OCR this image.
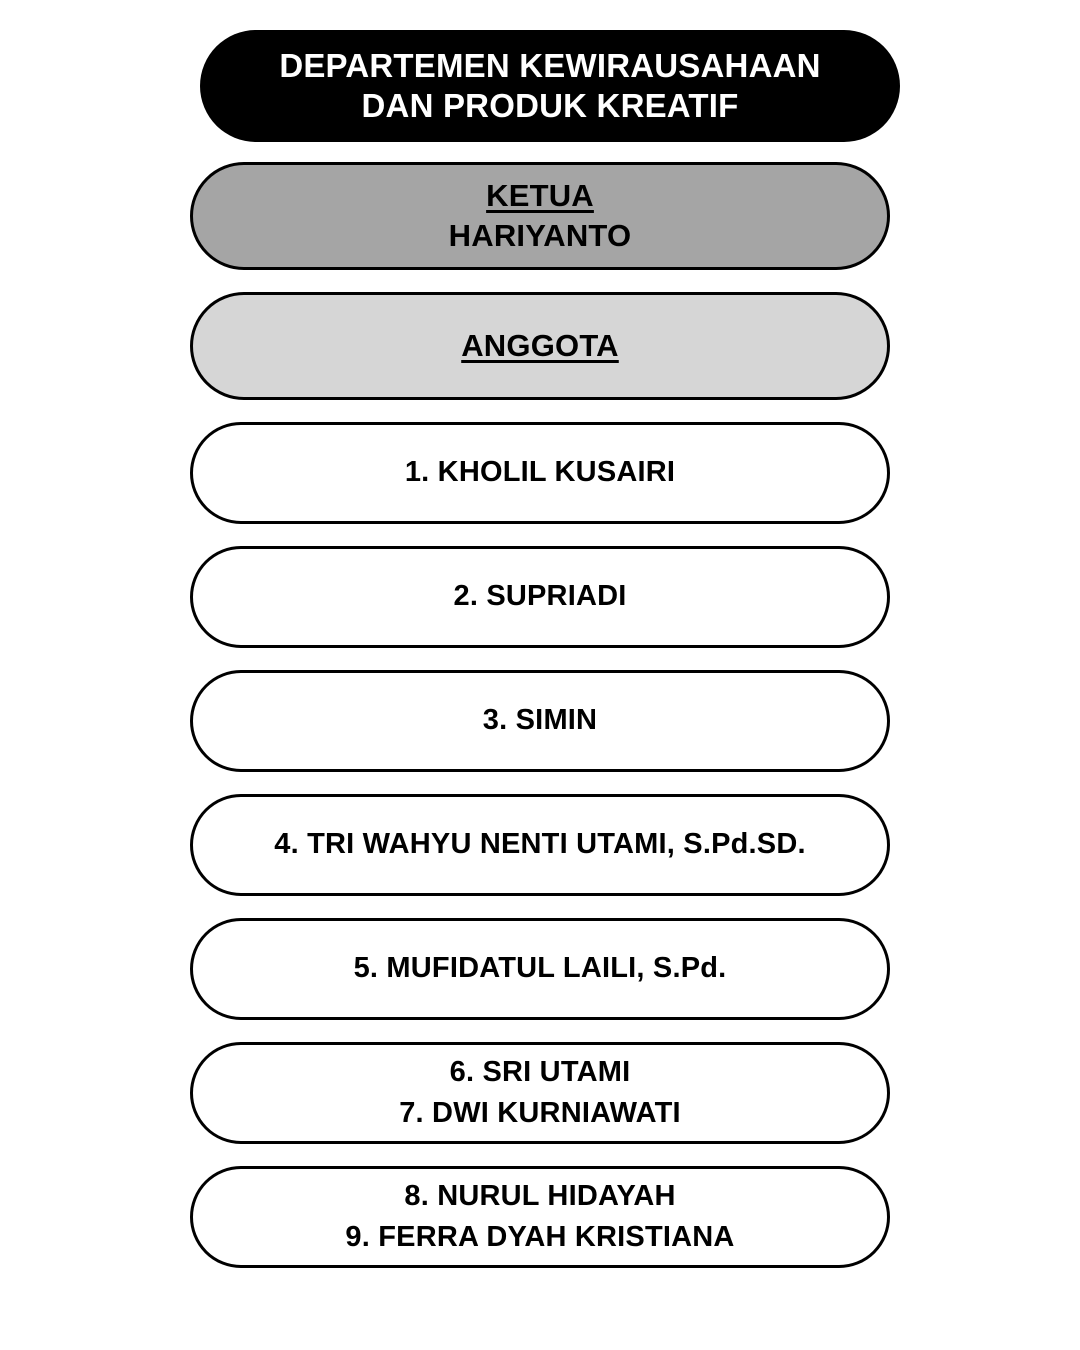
DEPARTEMEN KEWIRAUSAHAAN
DAN PRODUK KREATIF
KETUA
HARIYANTO
ANGGOTA
1. KHOLIL KUSAIRI
2. SUPRIADI
3. SIMIN
4. TRI WAHYU NENTI UTAMI, S.Pd.SD.
5. MUFIDATUL LAILI, S.Pd.
6. SRI UTAMI
7. DWI KURNIAWATI
8. NURUL HIDAYAH
9. FERRA DYAH KRISTIANA
